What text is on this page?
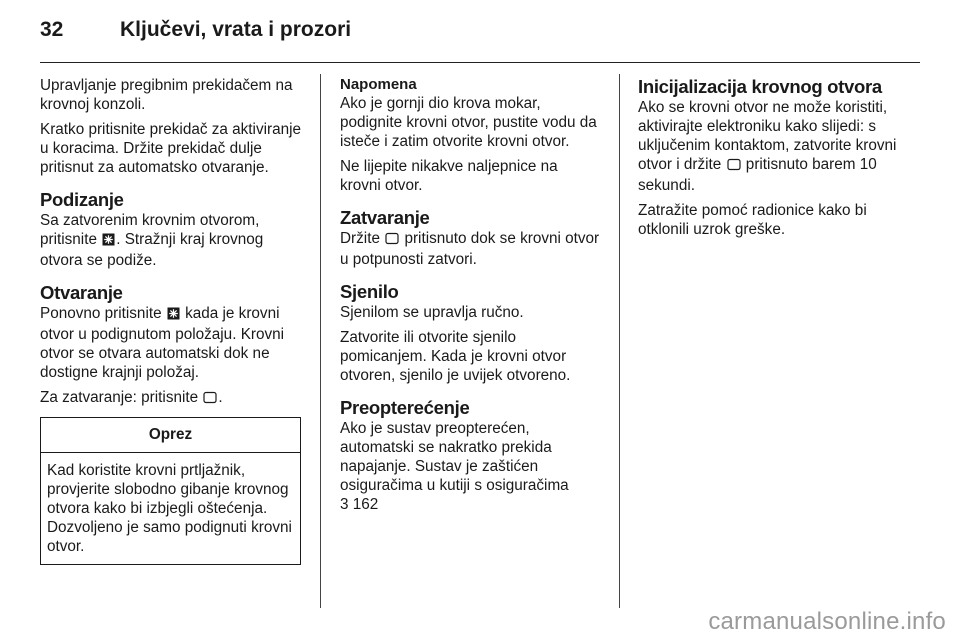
32	Ključevi, vrata i prozori

Upravljanje pregibnim prekidačem na krovnoj konzoli.

Kratko pritisnite prekidač za aktiviranje u koracima. Držite prekidač dulje pritisnut za automatsko otvaranje.

Podizanje

Sa zatvorenim krovnim otvorom, pritisnite . Stražnji kraj krovnog otvora se podiže.

Otvaranje

Ponovno pritisnite  kada je krovni otvor u podignutom položaju. Krovni otvor se otvara automatski dok ne dostigne krajnji položaj.

Za zatvaranje: pritisnite .

Oprez

Kad koristite krovni prtljažnik, provjerite slobodno gibanje krovnog otvora kako bi izbjegli oštećenja. Dozvoljeno je samo podignuti krovni otvor.

Napomena

Ako je gornji dio krova mokar, podignite krovni otvor, pustite vodu da isteče i zatim otvorite krovni otvor.

Ne lijepite nikakve naljepnice na krovni otvor.

Zatvaranje

Držite  pritisnuto dok se krovni otvor u potpunosti zatvori.

Sjenilo

Sjenilom se upravlja ručno.

Zatvorite ili otvorite sjenilo pomicanjem. Kada je krovni otvor otvoren, sjenilo je uvijek otvoreno.

Preopterećenje

Ako je sustav preopterećen, automatski se nakratko prekida napajanje. Sustav je zaštićen osiguračima u kutiji s osiguračima
3 162

Inicijalizacija krovnog otvora

Ako se krovni otvor ne može koristiti, aktivirajte elektroniku kako slijedi: s uključenim kontaktom, zatvorite krovni otvor i držite  pritisnuto barem 10 sekundi.

Zatražite pomoć radionice kako bi otklonili uzrok greške.

carmanualsonline.info
